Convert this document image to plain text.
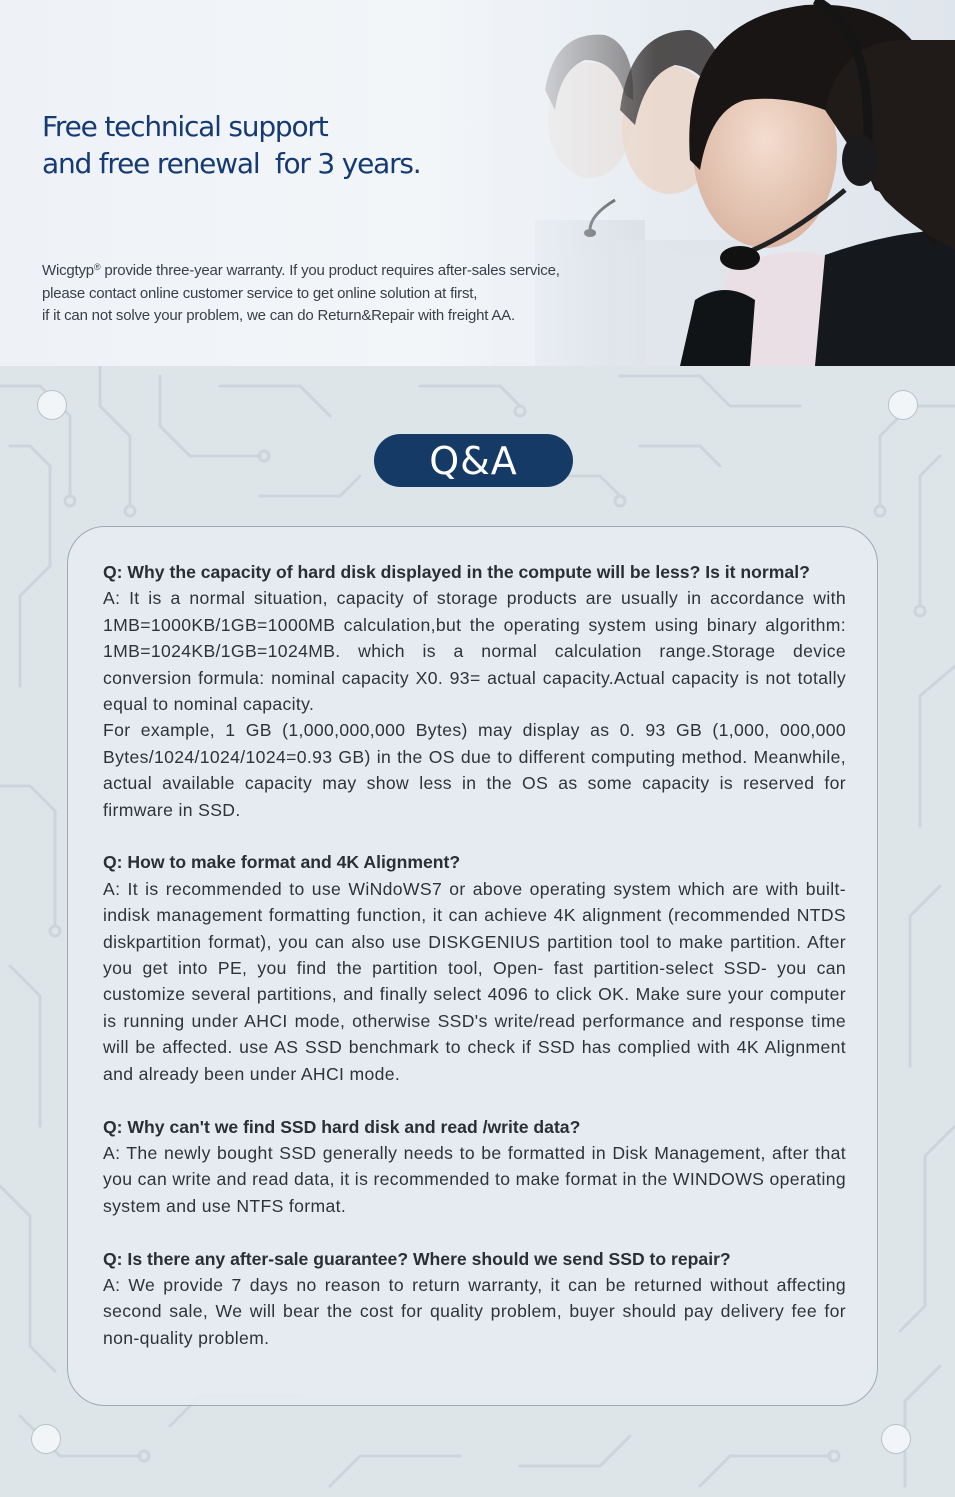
Free technical support
and free renewal  for 3 years.

Wicgtyp® provide three-year warranty. If you product requires after-sales service,
please contact online customer service to get online solution at first,
if it can not solve your problem, we can do Return&Repair with freight AA.

Q&A
Q: Why the capacity of hard disk displayed in the compute will be less? Is it normal?
A: It is a normal situation, capacity of storage products are usually in accordance with 1MB=1000KB/1GB=1000MB calculation,but the operating system using binary algorithm: 1MB=1024KB/1GB=1024MB. which is a normal calculation range.Storage device conversion formula: nominal capacity X0. 93= actual capacity.Actual capacity is not totally equal to nominal capacity.
For example, 1 GB (1,000,000,000 Bytes) may display as 0. 93 GB (1,000, 000,000 Bytes/1024/1024/1024=0.93 GB) in the OS due to different computing method. Meanwhile, actual available capacity may show less in the OS as some capacity is reserved for firmware in SSD.
Q: How to make format and 4K Alignment?
A: It is recommended to use WiNdoWS7 or above operating system which are with built-indisk management formatting function, it can achieve 4K alignment (recommended NTDS diskpartition format), you can also use DISKGENIUS partition tool to make partition. After you get into PE, you find the partition tool, Open- fast partition-select SSD- you can customize several partitions, and finally select 4096 to click OK. Make sure your computer is running under AHCI mode, otherwise SSD's write/read performance and response time will be affected. use AS SSD benchmark to check if SSD has complied with 4K Alignment and already been under AHCI mode.
Q: Why can't we find SSD hard disk and read /write data?
A: The newly bought SSD generally needs to be formatted in Disk Management, after that you can write and read data, it is recommended to make format in the WINDOWS operating system and use NTFS format.
Q: Is there any after-sale guarantee? Where should we send SSD to repair?
A: We provide 7 days no reason to return warranty, it can be returned without affecting second sale, We will bear the cost for quality problem, buyer should pay delivery fee for non-quality problem.
